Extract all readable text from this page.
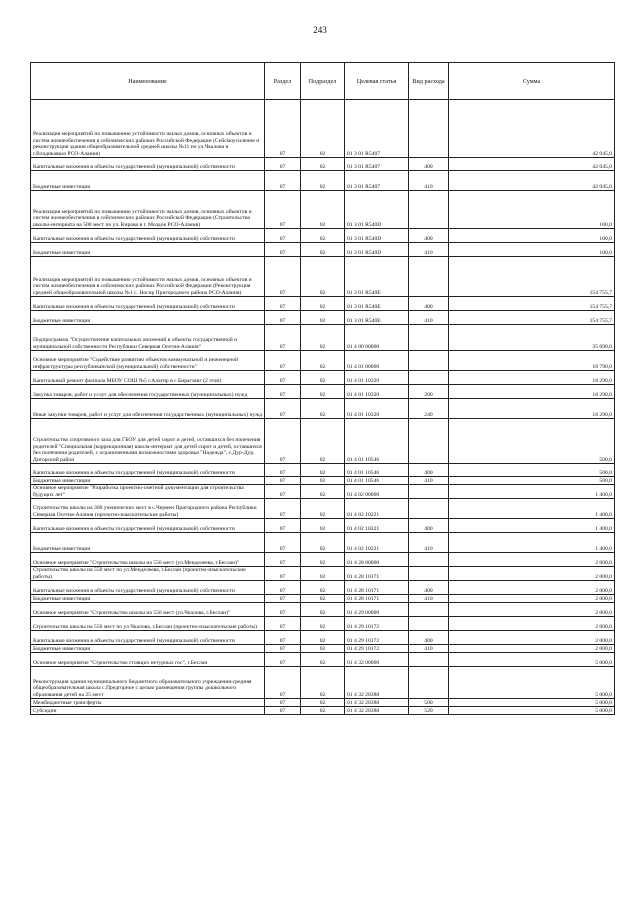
243
Наименование	Раздел	Подраздел	Целевая статья	Вид расхода	Сумма
Реализация мероприятий по повышению устойчивости жилых домов, основных объектов и систем жизнеобеспечения в сейсмических районах Российской Федерации (Сейсмоусиление и реконструкция здания общеобразовательной средней школы №11 по ул.Чкалова в г.Владикавказ РСО-Алания)	07	02	01 3 01 R5407		42 045,0
Капитальные вложения в объекты государственной (муниципальной) собственности	07	02	01 3 01 R5407	400	42 045,0
Бюджетные инвестиции	07	02	01 3 01 R5407	410	42 045,0
Реализация мероприятий по повышению устойчивости жилых домов, основных объектов и систем жизнеобеспечения в сейсмических районах Российской Федерации (Строительство школы-интерната на 500 мест по ул. Кирова в г. Моздок РСО-Алания)	07	02	01 3 01 R540D		100,0
Капитальные вложения в объекты государственной (муниципальной) собственности	07	02	01 3 01 R540D	400	100,0
Бюджетные инвестиции	07	02	01 3 01 R540D	410	100,0
Реализация мероприятий по повышению устойчивости жилых домов, основных объектов и систем жизнеобеспечения в сейсмических районах Российской Федерации (Реконструкция средней общеобразовательной школы №1 с. Ногир Пригородного района РСО-Алания)	07	02	01 3 01 R540E		154 755,7
Капитальные вложения в объекты государственной (муниципальной) собственности	07	02	01 3 01 R540E	400	154 755,7
Бюджетные инвестиции	07	02	01 3 01 R540E	410	154 755,7
Подпрограмма "Осуществление капитальных вложений в объекты государственной и муниципальной собственности Республики Северная Осетия-Алания"	07	02	01 4 00 00000		35 690,0
Основное мероприятие "Содействие развитию объектов коммунальной и инженерной инфраструктуры республиканской (муниципальной) собственности"	07	02	01 4 01 00000		18 790,0
Капитальный ремонт филиала МБОУ СОШ №5 г.Алагир в с.Бирагзанг (2 этап)	07	02	01 4 01 10320		18 290,0
Закупка товаров, работ и услуг для обеспечения государственных (муниципальных) нужд	07	02	01 4 01 10320	200	18 290,0
Иные закупки товаров, работ и услуг для обеспечения государственных (муниципальных) нужд	07	02	01 4 01 10320	240	18 290,0
Строительство спортивного зала для ГБОУ для детей сирот и детей, оставшихся без попечения родителей "Специальная (коррекционная) школа-интернат для детей сирот и детей, оставшихся без попечения родителей, с ограниченными возможностями здоровья "Надежда", с.Дур-Дур, Дигорский район	07	02	01 4 01 10546		500,0
Капитальные вложения в объекты государственной (муниципальной) собственности	07	02	01 4 01 10546	400	500,0
Бюджетные инвестиции	07	02	01 4 01 10546	410	500,0
Основное мероприятие "Разработка проектно-сметной документации для строительства будущих лет"	07	02	01 4 02 00000		1 400,0
Строительство школы на 360 ученических мест в с.Чермен Пригородного района Республики Северная Осетия-Алания (проектно-изыскательские работы)	07	02	01 4 02 10221		1 400,0
Капитальные вложения в объекты государственной (муниципальной) собственности	07	02	01 4 02 10221	400	1 400,0
Бюджетные инвестиции	07	02	01 4 02 10221	410	1 400,0
Основное мероприятие "Строительство школы на 550 мест (ул.Менделеева, г.Беслан)"	07	02	01 4 28 00000		2 000,0
Строительство школы на 550 мест по ул.Менделеева, г.Беслан (проектно-изыскательские работы)	07	02	01 4 28 10171		2 000,0
Капитальные вложения в объекты государственной (муниципальной) собственности	07	02	01 4 28 10171	400	2 000,0
Бюджетные инвестиции	07	02	01 4 28 10171	410	2 000,0
Основное мероприятие "Строительство школы на 550 мест (ул.Чкалова, г.Беслан)"	07	02	01 4 29 00000		2 000,0
Строительство школы на 550 мест по ул.Чкалова, г.Беслан (проектно-изыскательские работы)	07	02	01 4 29 10172		2 000,0
Капитальные вложения в объекты государственной (муниципальной) собственности	07	02	01 4 29 10172	400	2 000,0
Бюджетные инвестиции	07	02	01 4 29 10172	410	2 000,0
Основное мероприятие "Строительство стоящих нетурных гос", г.Беслан	07	02	01 4 32 00000		5 000,0
Реконструкция здания муниципального бюджетного образовательного учреждения-средняя общеобразовательная школа с.Предгорное с целью размещения группы дошкольного образования детей на 25 мест	07	02	01 4 32 20388		5 000,0
Межбюджетные трансферты	07	02	01 4 32 20388	500	5 000,0
Субсидии	07	02	01 4 32 20388	520	5 000,0
